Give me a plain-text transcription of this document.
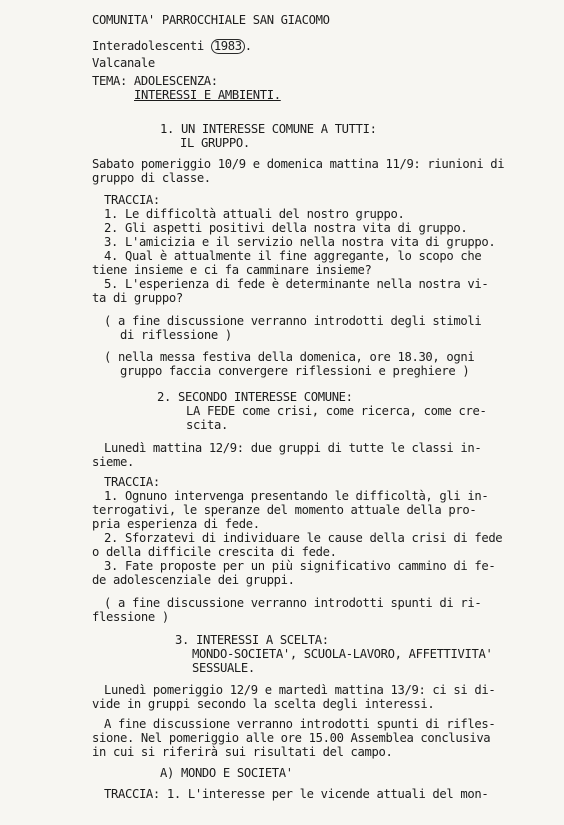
COMUNITA' PARROCCHIALE SAN GIACOMO
Interadolescenti 1983 .
Valcanale
TEMA: ADOLESCENZA:
INTERESSI E AMBIENTI.
1. UN INTERESSE COMUNE A TUTTI:
IL GRUPPO.
Sabato pomeriggio 10/9 e domenica mattina 11/9: riunioni di
gruppo di classe.
TRACCIA:
1. Le difficoltà attuali del nostro gruppo.
2. Gli aspetti positivi della nostra vita di gruppo.
3. L'amicizia e il servizio nella nostra vita di gruppo.
4. Qual è attualmente il fine aggregante, lo scopo che
tiene insieme e ci fa camminare insieme?
5. L'esperienza di fede è determinante nella nostra vi-
ta di gruppo?
( a fine discussione verranno introdotti degli stimoli
di riflessione )
( nella messa festiva della domenica, ore 18.30, ogni
gruppo faccia convergere riflessioni e preghiere )
2. SECONDO INTERESSE COMUNE:
LA FEDE come crisi, come ricerca, come cre-
scita.
Lunedì mattina 12/9: due gruppi di tutte le classi in-
sieme.
TRACCIA:
1. Ognuno intervenga presentando le difficoltà, gli in-
terrogativi, le speranze del momento attuale della pro-
pria esperienza di fede.
2. Sforzatevi di individuare le cause della crisi di fede
o della difficile crescita di fede.
3. Fate proposte per un più significativo cammino di fe-
de adolescenziale dei gruppi.
( a fine discussione verranno introdotti spunti di ri-
flessione )
3. INTERESSI A SCELTA:
MONDO-SOCIETA', SCUOLA-LAVORO, AFFETTIVITA'
SESSUALE.
Lunedì pomeriggio 12/9 e martedì mattina 13/9: ci si di-
vide in gruppi secondo la scelta degli interessi.
A fine discussione verranno introdotti spunti di rifles-
sione. Nel pomeriggio alle ore 15.00 Assemblea conclusiva
in cui si riferirà sui risultati del campo.
A) MONDO E SOCIETA'
TRACCIA: 1. L'interesse per le vicende attuali del mon-
